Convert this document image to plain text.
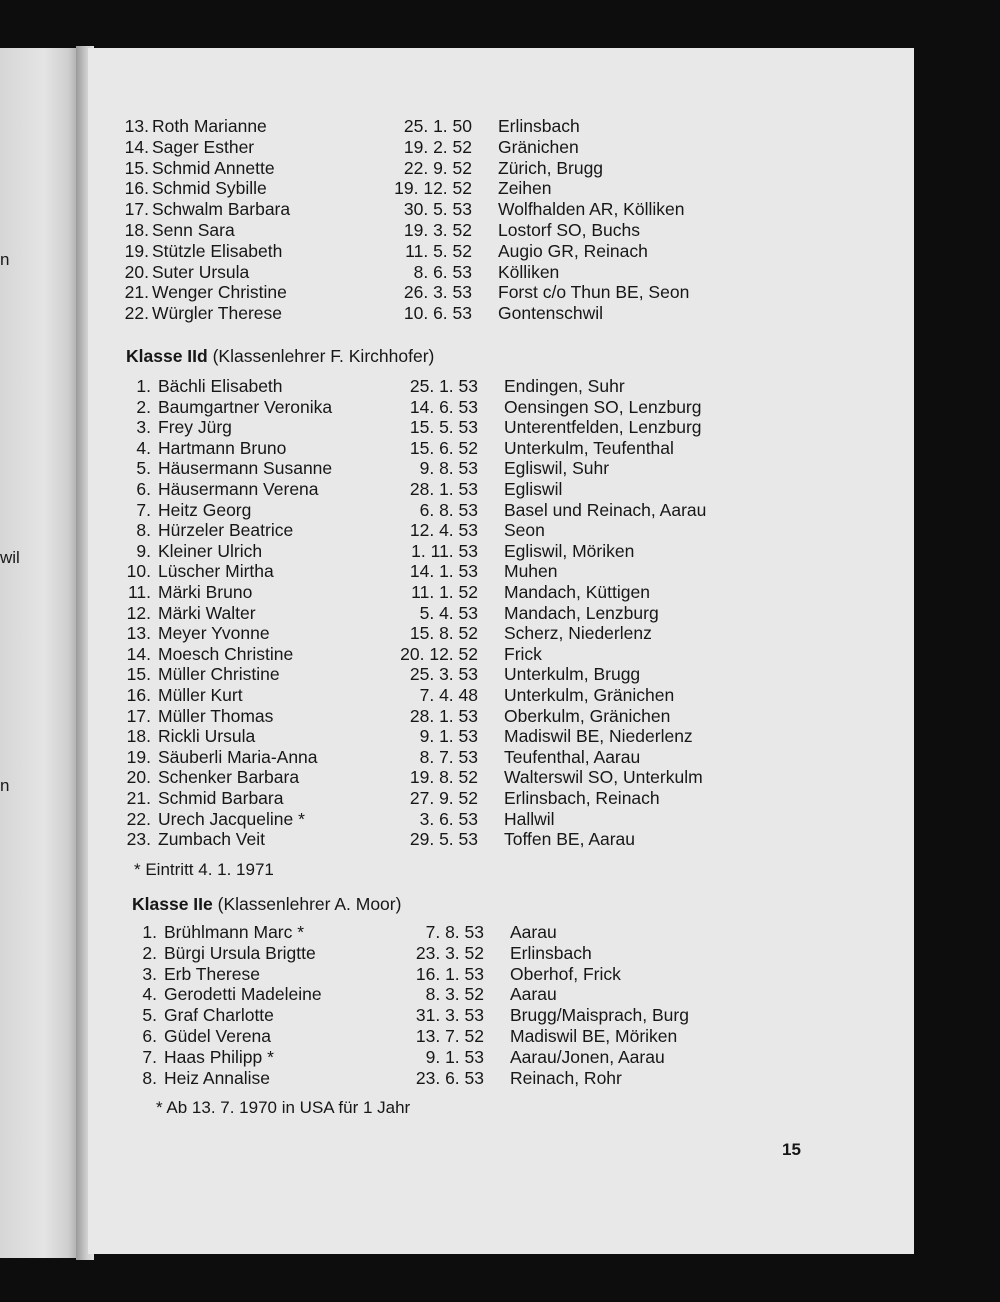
n
wil
n
13. Roth Marianne	25. 1. 50 Erlinsbach
14. Sager Esther	19. 2. 52 Gränichen
15. Schmid Annette	22. 9. 52 Zürich, Brugg
16. Schmid Sybille	19. 12. 52 Zeihen
17. Schwalm Barbara	30. 5. 53 Wolfhalden AR, Kölliken
18. Senn Sara	19. 3. 52 Lostorf SO, Buchs
19. Stützle Elisabeth	11. 5. 52 Augio GR, Reinach
20. Suter Ursula	8. 6. 53 Kölliken
21. Wenger Christine	26. 3. 53 Forst c/o Thun BE, Seon
22. Würgler Therese	10. 6. 53 Gontenschwil
Klasse IId (Klassenlehrer F. Kirchhofer)
1. Bächli Elisabeth	25. 1. 53 Endingen, Suhr
2. Baumgartner Veronika	14. 6. 53 Oensingen SO, Lenzburg
3. Frey Jürg	15. 5. 53 Unterentfelden, Lenzburg
4. Hartmann Bruno	15. 6. 52 Unterkulm, Teufenthal
5. Häusermann Susanne	9. 8. 53 Egliswil, Suhr
6. Häusermann Verena	28. 1. 53 Egliswil
7. Heitz Georg	6. 8. 53 Basel und Reinach, Aarau
8. Hürzeler Beatrice	12. 4. 53 Seon
9. Kleiner Ulrich	1. 11. 53 Egliswil, Möriken
10. Lüscher Mirtha	14. 1. 53 Muhen
11. Märki Bruno	11. 1. 52 Mandach, Küttigen
12. Märki Walter	5. 4. 53 Mandach, Lenzburg
13. Meyer Yvonne	15. 8. 52 Scherz, Niederlenz
14. Moesch Christine	20. 12. 52 Frick
15. Müller Christine	25. 3. 53 Unterkulm, Brugg
16. Müller Kurt	7. 4. 48 Unterkulm, Gränichen
17. Müller Thomas	28. 1. 53 Oberkulm, Gränichen
18. Rickli Ursula	9. 1. 53 Madiswil BE, Niederlenz
19. Säuberli Maria-Anna	8. 7. 53 Teufenthal, Aarau
20. Schenker Barbara	19. 8. 52 Walterswil SO, Unterkulm
21. Schmid Barbara	27. 9. 52 Erlinsbach, Reinach
22. Urech Jacqueline *	3. 6. 53 Hallwil
23. Zumbach Veit	29. 5. 53 Toffen BE, Aarau
* Eintritt 4. 1. 1971
Klasse IIe (Klassenlehrer A. Moor)
1. Brühlmann Marc *	7. 8. 53 Aarau
2. Bürgi Ursula Brigtte	23. 3. 52 Erlinsbach
3. Erb Therese	16. 1. 53 Oberhof, Frick
4. Gerodetti Madeleine	8. 3. 52 Aarau
5. Graf Charlotte	31. 3. 53 Brugg/Maisprach, Burg
6. Güdel Verena	13. 7. 52 Madiswil BE, Möriken
7. Haas Philipp *	9. 1. 53 Aarau/Jonen, Aarau
8. Heiz Annalise	23. 6. 53 Reinach, Rohr
* Ab 13. 7. 1970 in USA für 1 Jahr
15
